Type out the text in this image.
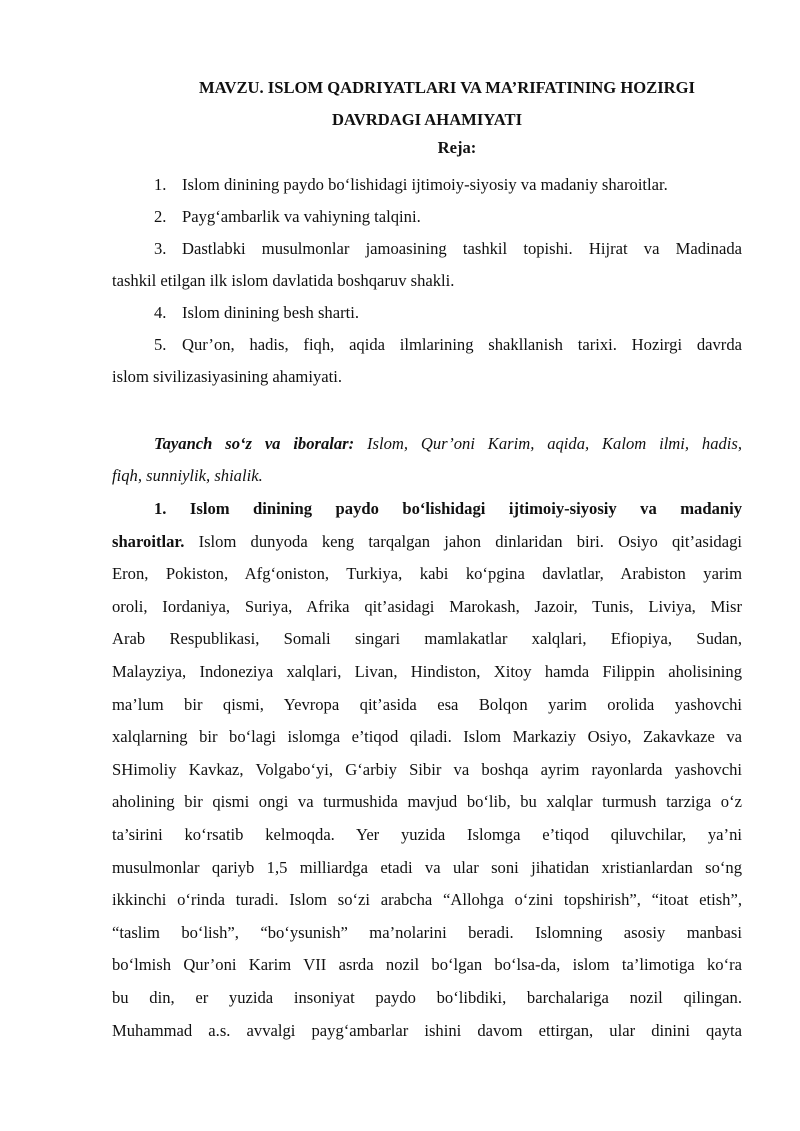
MAVZU. ISLOM QADRIYATLARI VA MA’RIFATINING HOZIRGI
DAVRDAGI AHAMIYATI
Reja:
1. Islom dinining paydo bo‘lishidagi ijtimoiy-siyosiy va madaniy sharoitlar.
2. Payg‘ambarlik va vahiyning talqini.
3. Dastlabki musulmonlar jamoasining tashkil topishi. Hijrat va Madinada
tashkil etilgan ilk islom davlatida boshqaruv shakli.
4. Islom dinining besh sharti.
5. Qur’on, hadis, fiqh, aqida ilmlarining shakllanish tarixi. Hozirgi davrda
islom sivilizasiyasining ahamiyati.
Tayanch so‘z va iboralar: Islom, Qur’oni Karim, aqida, Kalom ilmi, hadis,
fiqh, sunniylik, shialik.
1. Islom dinining paydo bo‘lishidagi ijtimoiy-siyosiy va madaniy
sharoitlar. Islom dunyoda keng tarqalgan jahon dinlaridan biri. Osiyo qit’asidagi
Eron, Pokiston, Afg‘oniston, Turkiya, kabi ko‘pgina davlatlar, Arabiston yarim
oroli, Iordaniya, Suriya, Afrika qit’asidagi Marokash, Jazoir, Tunis, Liviya, Misr
Arab Respublikasi, Somali singari mamlakatlar xalqlari, Efiopiya, Sudan,
Malayziya, Indoneziya xalqlari, Livan, Hindiston, Xitoy hamda Filippin aholisining
ma’lum bir qismi, Yevropa qit’asida esa Bolqon yarim orolida yashovchi
xalqlarning bir bo‘lagi islomga e’tiqod qiladi. Islom Markaziy Osiyo, Zakavkaze va
SHimoliy Kavkaz, Volgabo‘yi, G‘arbiy Sibir va boshqa ayrim rayonlarda yashovchi
aholining bir qismi ongi va turmushida mavjud bo‘lib, bu xalqlar turmush tarziga o‘z
ta’sirini ko‘rsatib kelmoqda. Yer yuzida Islomga e’tiqod qiluvchilar, ya’ni
musulmonlar qariyb 1,5 milliardga etadi va ular soni jihatidan xristianlardan so‘ng
ikkinchi o‘rinda turadi. Islom so‘zi arabcha “Allohga o‘zini topshirish”, “itoat etish”,
“taslim bo‘lish”, “bo‘ysunish” ma’nolarini beradi. Islomning asosiy manbasi
bo‘lmish Qur’oni Karim VII asrda nozil bo‘lgan bo‘lsa-da, islom ta’limotiga ko‘ra
bu din, er yuzida insoniyat paydo bo‘libdiki, barchalariga nozil qilingan.
Muhammad a.s. avvalgi payg‘ambarlar ishini davom ettirgan, ular dinini qayta
